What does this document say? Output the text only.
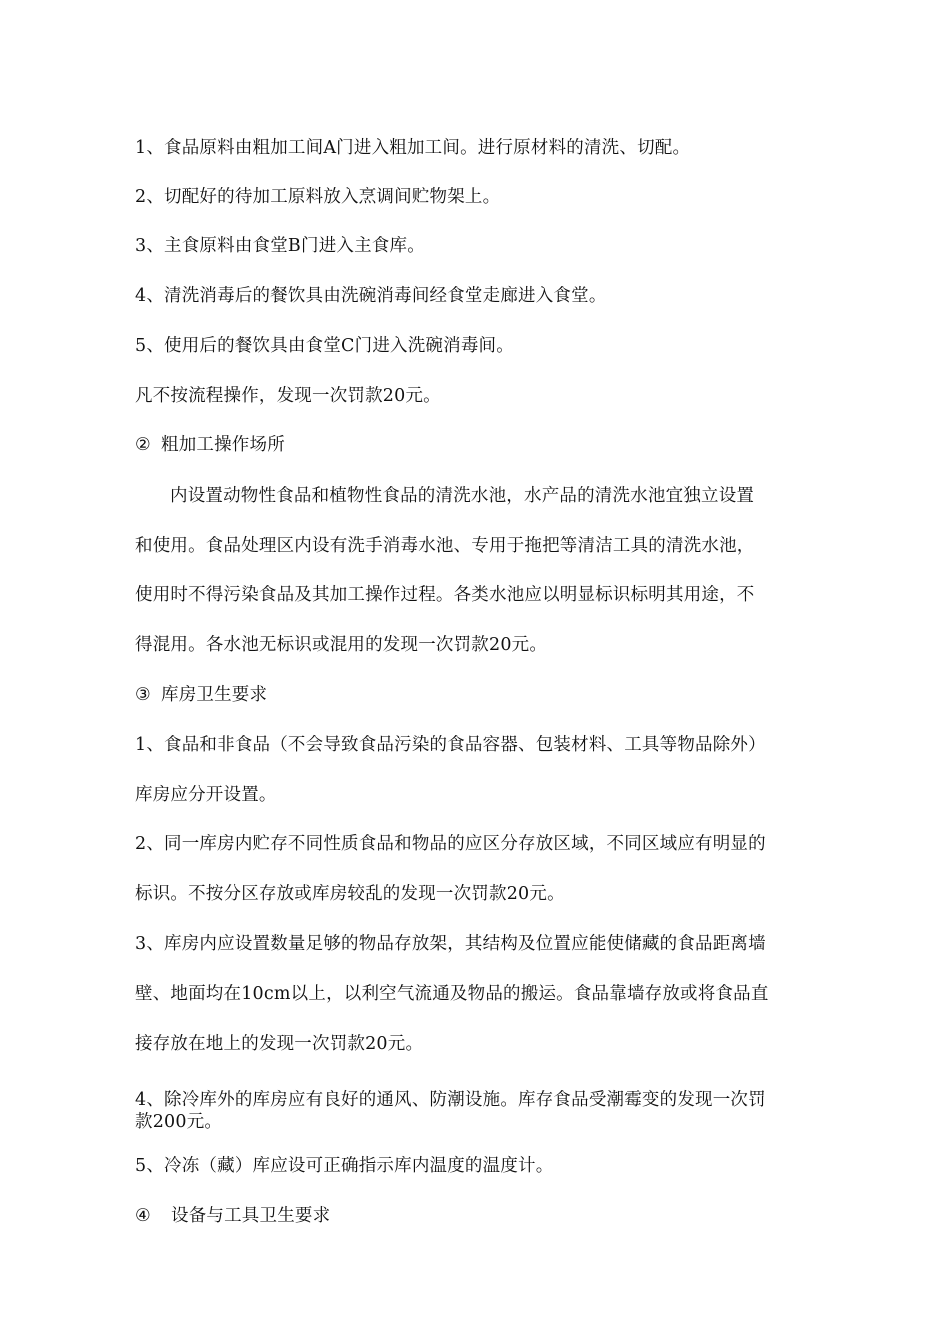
1、食品原料由粗加工间A门进入粗加工间。进行原材料的清洗、切配。
2、切配好的待加工原料放入烹调间贮物架上。
3、主食原料由食堂B门进入主食库。
4、清洗消毒后的餐饮具由洗碗消毒间经食堂走廊进入食堂。
5、使用后的餐饮具由食堂C门进入洗碗消毒间。
凡不按流程操作，发现一次罚款20元。
② 粗加工操作场所
内设置动物性食品和植物性食品的清洗水池，水产品的清洗水池宜独立设置
和使用。食品处理区内设有洗手消毒水池、专用于拖把等清洁工具的清洗水池，
使用时不得污染食品及其加工操作过程。各类水池应以明显标识标明其用途，不
得混用。各水池无标识或混用的发现一次罚款20元。
③ 库房卫生要求
1、食品和非食品（不会导致食品污染的食品容器、包装材料、工具等物品除外）
库房应分开设置。
2、同一库房内贮存不同性质食品和物品的应区分存放区域，不同区域应有明显的
标识。不按分区存放或库房较乱的发现一次罚款20元。
3、库房内应设置数量足够的物品存放架，其结构及位置应能使储藏的食品距离墙
壁、地面均在10cm以上，以利空气流通及物品的搬运。食品靠墙存放或将食品直
接存放在地上的发现一次罚款20元。
4、除冷库外的库房应有良好的通风、防潮设施。库存食品受潮霉变的发现一次罚
款200元。
5、冷冻（藏）库应设可正确指示库内温度的温度计。
④ 设备与工具卫生要求
